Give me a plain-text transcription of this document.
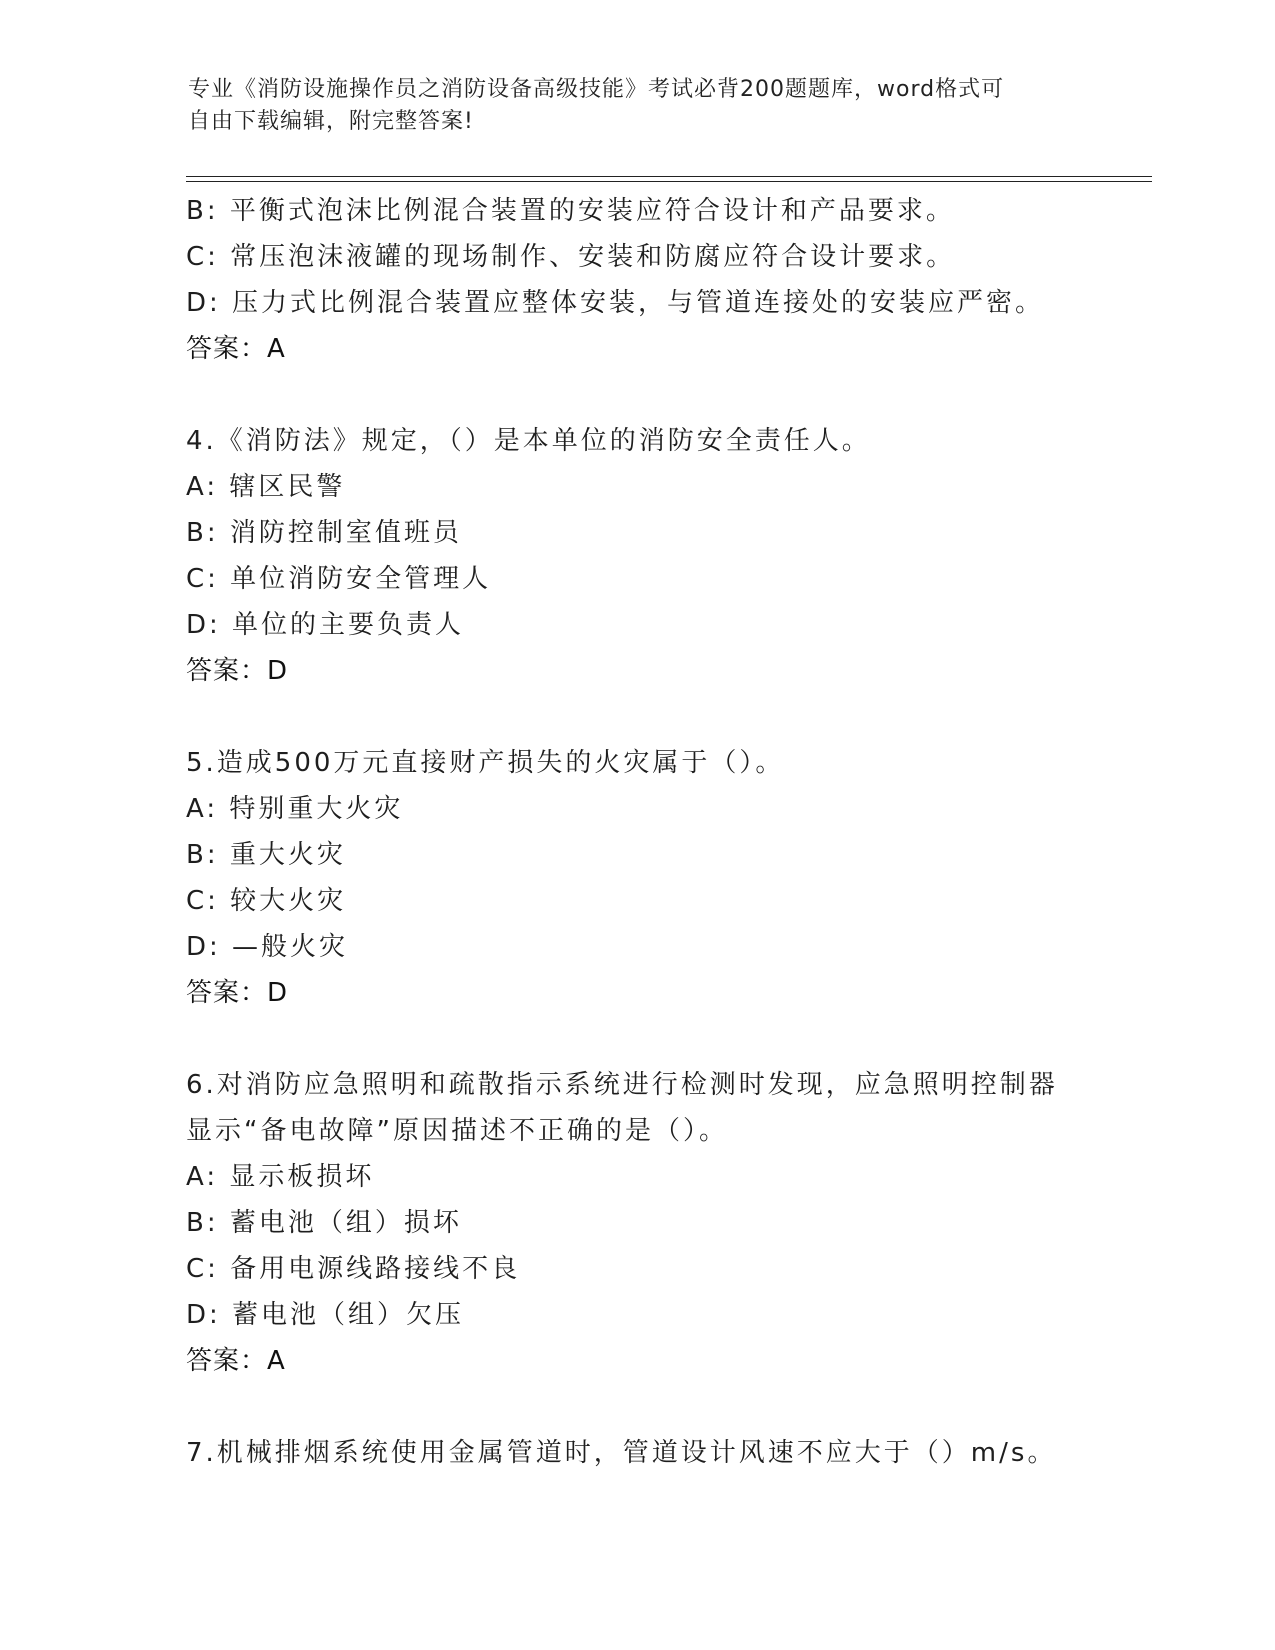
专业《消防设施操作员之消防设备高级技能》考试必背200题题库，word格式可
自由下载编辑，附完整答案!
B: 平衡式泡沫比例混合装置的安装应符合设计和产品要求。
C: 常压泡沫液罐的现场制作、安装和防腐应符合设计要求。
D: 压力式比例混合装置应整体安装，与管道连接处的安装应严密。
答案：A
4.《消防法》规定，（）是本单位的消防安全责任人。
A: 辖区民警
B: 消防控制室值班员
C: 单位消防安全管理人
D: 单位的主要负责人
答案：D
5.造成500万元直接财产损失的火灾属于（）。
A: 特别重大火灾
B: 重大火灾
C: 较大火灾
D: —般火灾
答案：D
6.对消防应急照明和疏散指示系统进行检测时发现，应急照明控制器
显示“备电故障”原因描述不正确的是（）。
A: 显示板损坏
B: 蓄电池（组）损坏
C: 备用电源线路接线不良
D: 蓄电池（组）欠压
答案：A
7.机械排烟系统使用金属管道时，管道设计风速不应大于（）m/s。
